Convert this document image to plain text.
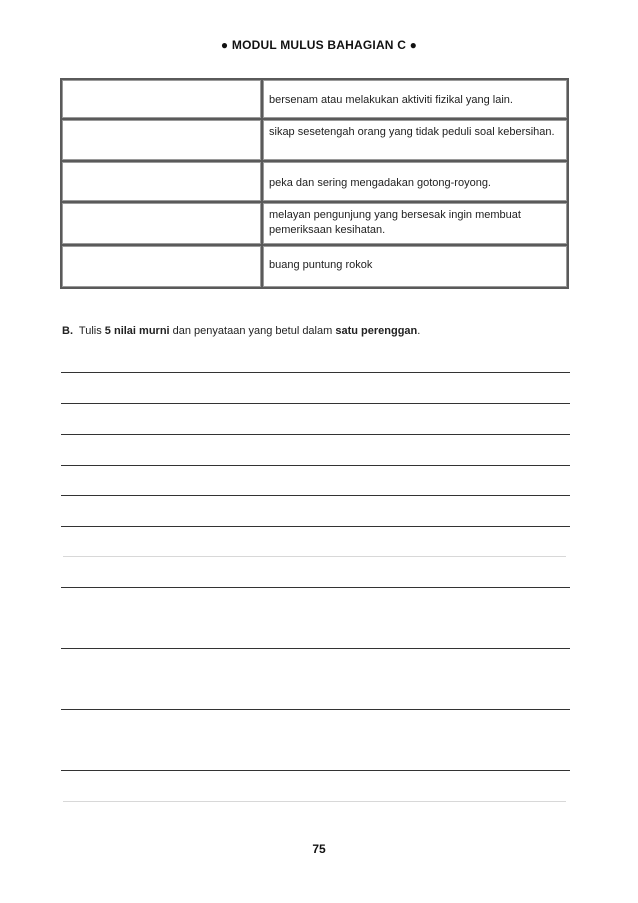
● MODUL MULUS BAHAGIAN C ●
bersenam atau melakukan aktiviti fizikal yang lain.
sikap sesetengah orang yang tidak peduli soal kebersihan.
peka dan sering mengadakan gotong-royong.
melayan pengunjung yang bersesak ingin membuat pemeriksaan kesihatan.
buang puntung rokok
B. Tulis 5 nilai murni dan penyataan yang betul dalam satu perenggan.
75
